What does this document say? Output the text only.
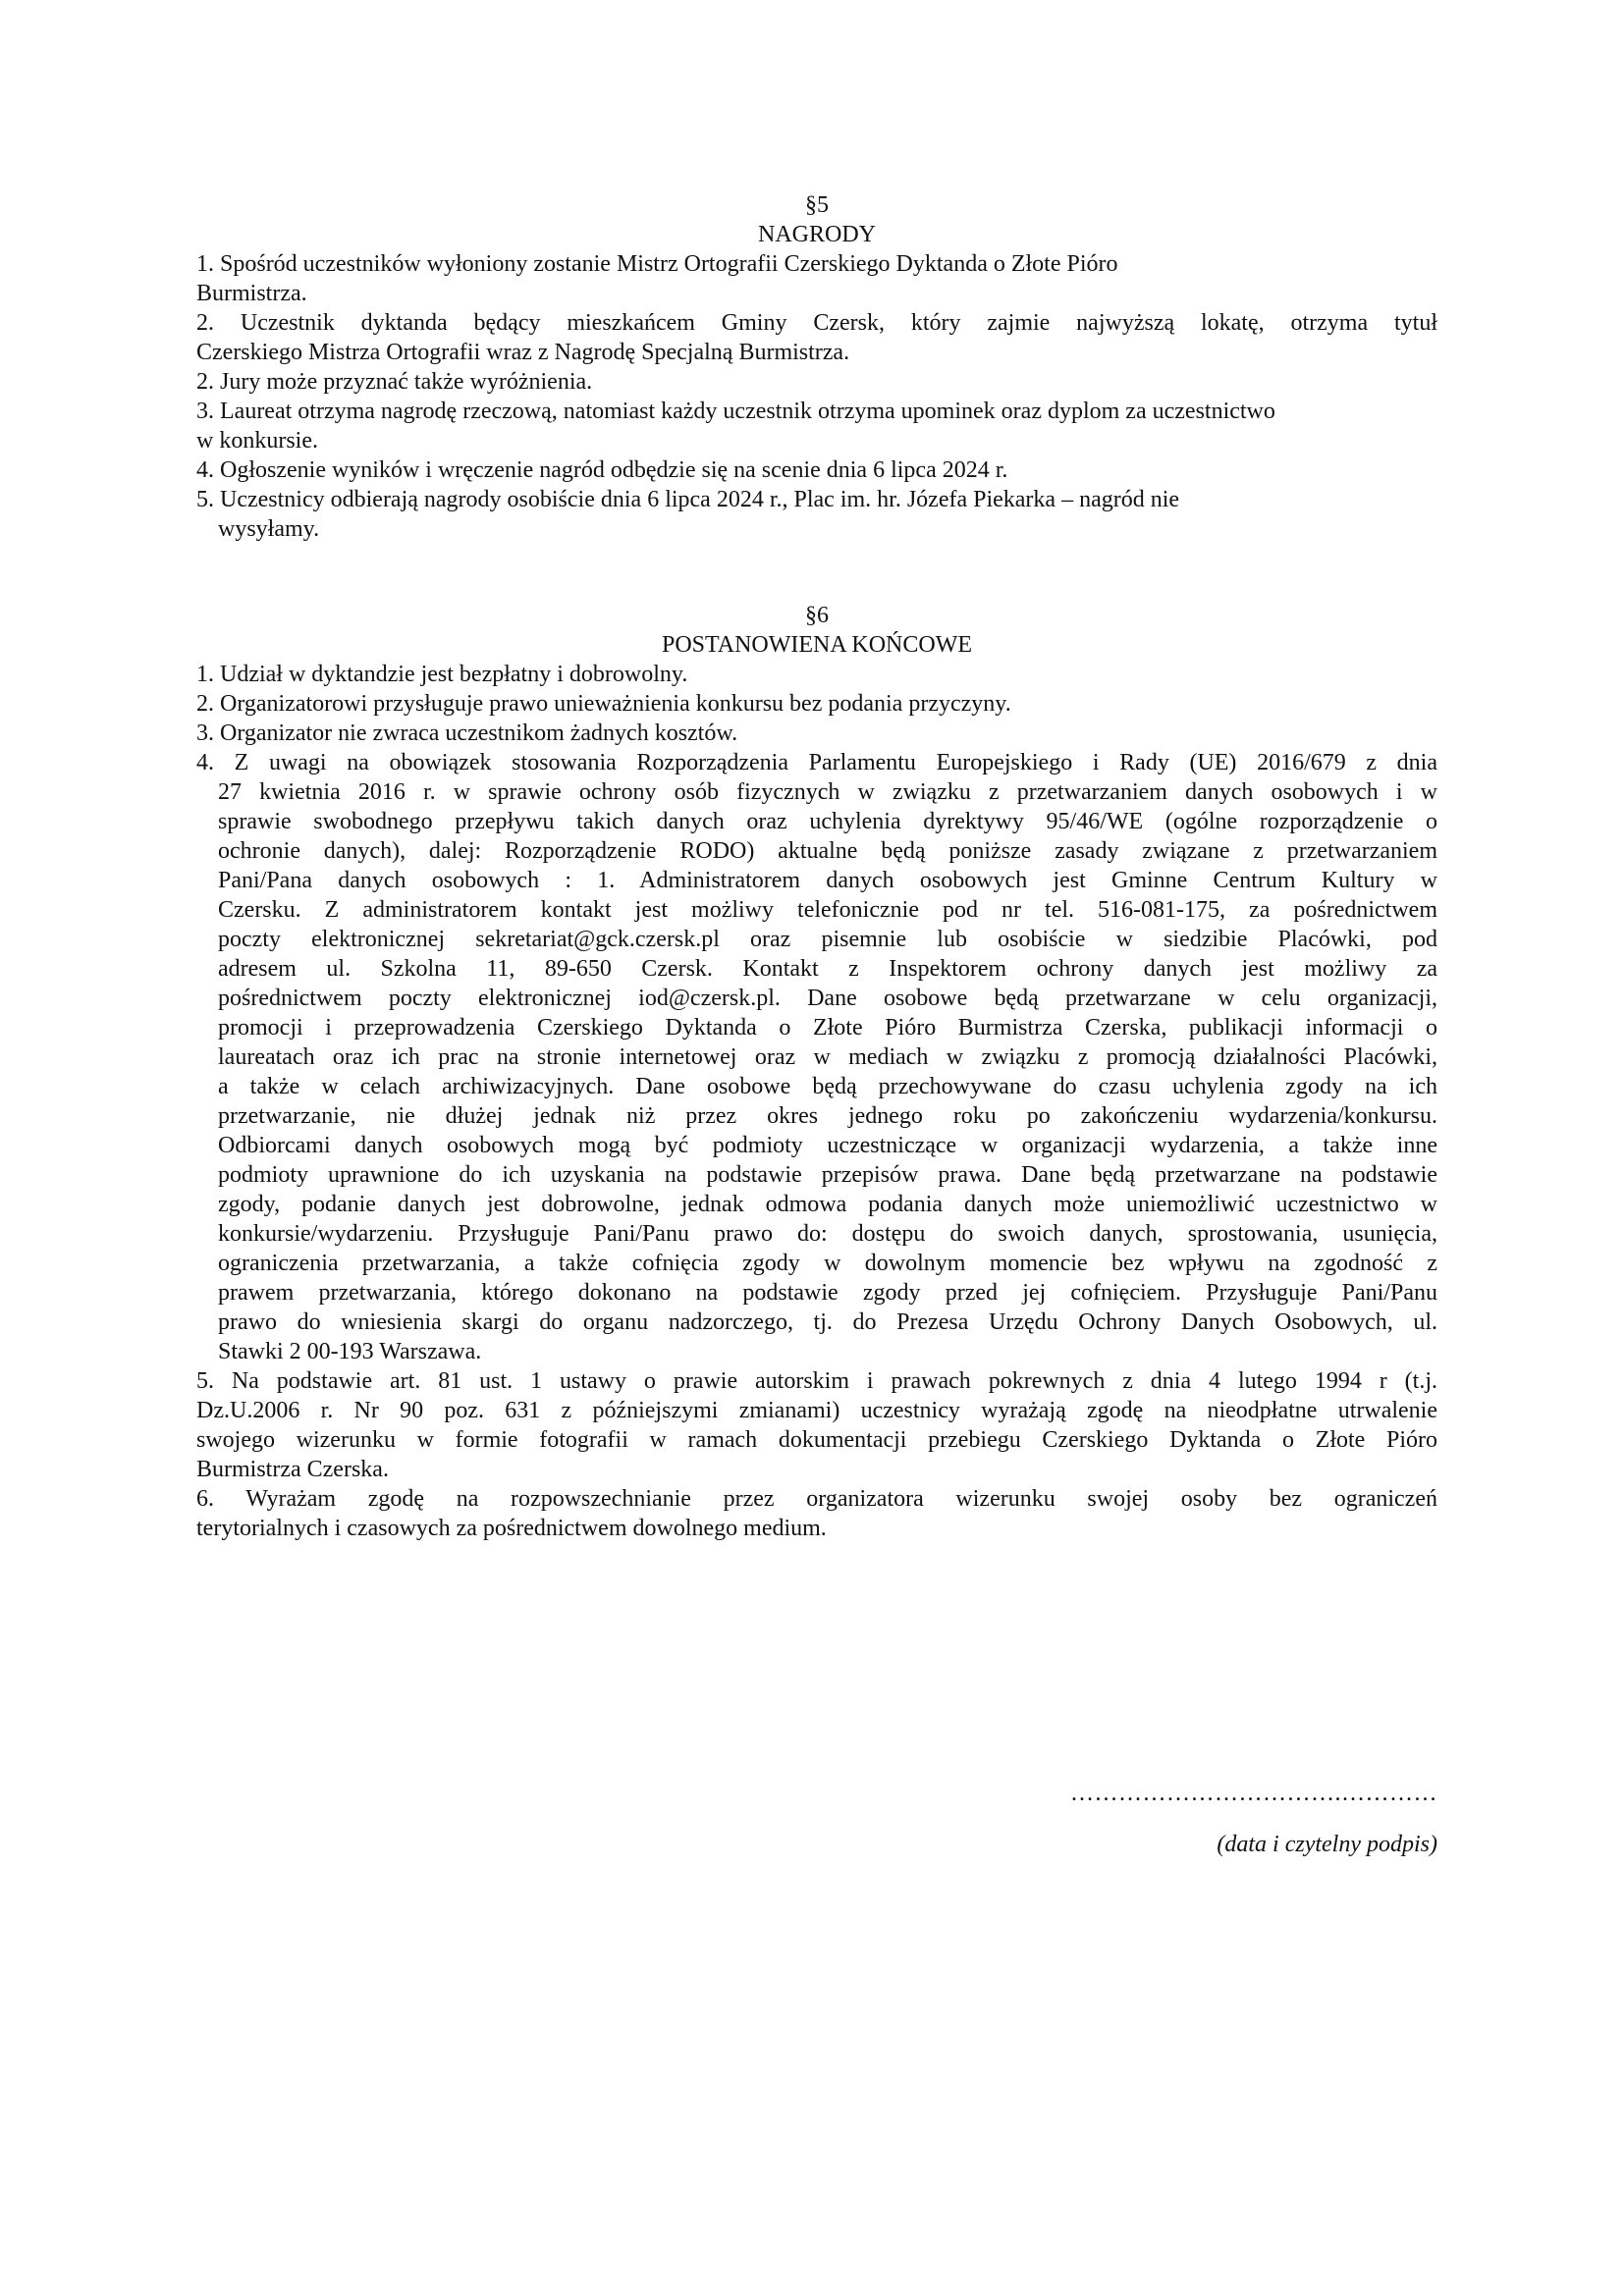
§5
NAGRODY
1. Spośród uczestników wyłoniony zostanie Mistrz Ortografii Czerskiego Dyktanda o Złote Pióro
Burmistrza.
2. Uczestnik dyktanda będący mieszkańcem Gminy Czersk, który zajmie najwyższą lokatę, otrzyma tytuł
Czerskiego Mistrza Ortografii wraz z Nagrodę Specjalną Burmistrza.
2. Jury może przyznać także wyróżnienia.
3. Laureat otrzyma nagrodę rzeczową, natomiast każdy uczestnik otrzyma upominek oraz dyplom za uczestnictwo
w konkursie.
4. Ogłoszenie wyników i wręczenie nagród odbędzie się na scenie dnia 6 lipca 2024 r.
5. Uczestnicy odbierają nagrody osobiście dnia 6 lipca 2024 r., Plac im. hr. Józefa Piekarka – nagród nie
wysyłamy.
§6
POSTANOWIENA KOŃCOWE
1. Udział w dyktandzie jest bezpłatny i dobrowolny.
2. Organizatorowi przysługuje prawo unieważnienia konkursu bez podania przyczyny.
3. Organizator nie zwraca uczestnikom żadnych kosztów.
4. Z uwagi na obowiązek stosowania Rozporządzenia Parlamentu Europejskiego i Rady (UE) 2016/679 z dnia
27 kwietnia 2016 r. w sprawie ochrony osób fizycznych w związku z przetwarzaniem danych osobowych i w
sprawie swobodnego przepływu takich danych oraz uchylenia dyrektywy 95/46/WE (ogólne rozporządzenie o
ochronie danych), dalej: Rozporządzenie RODO) aktualne będą poniższe zasady związane z przetwarzaniem
Pani/Pana danych osobowych : 1. Administratorem danych osobowych jest Gminne Centrum Kultury w
Czersku. Z administratorem kontakt jest możliwy telefonicznie pod nr tel. 516-081-175, za pośrednictwem
poczty elektronicznej sekretariat@gck.czersk.pl oraz pisemnie lub osobiście w siedzibie Placówki, pod
adresem ul. Szkolna 11, 89-650 Czersk. Kontakt z Inspektorem ochrony danych jest możliwy za
pośrednictwem poczty elektronicznej iod@czersk.pl. Dane osobowe będą przetwarzane w celu organizacji,
promocji i przeprowadzenia Czerskiego Dyktanda o Złote Pióro Burmistrza Czerska, publikacji informacji o
laureatach oraz ich prac na stronie internetowej oraz w mediach w związku z promocją działalności Placówki,
a także w celach archiwizacyjnych. Dane osobowe będą przechowywane do czasu uchylenia zgody na ich
przetwarzanie, nie dłużej jednak niż przez okres jednego roku po zakończeniu wydarzenia/konkursu.
Odbiorcami danych osobowych mogą być podmioty uczestniczące w organizacji wydarzenia, a także inne
podmioty uprawnione do ich uzyskania na podstawie przepisów prawa. Dane będą przetwarzane na podstawie
zgody, podanie danych jest dobrowolne, jednak odmowa podania danych może uniemożliwić uczestnictwo w
konkursie/wydarzeniu. Przysługuje Pani/Panu prawo do: dostępu do swoich danych, sprostowania, usunięcia,
ograniczenia przetwarzania, a także cofnięcia zgody w dowolnym momencie bez wpływu na zgodność z
prawem przetwarzania, którego dokonano na podstawie zgody przed jej cofnięciem. Przysługuje Pani/Panu
prawo do wniesienia skargi do organu nadzorczego, tj. do Prezesa Urzędu Ochrony Danych Osobowych, ul.
Stawki 2 00-193 Warszawa.
5. Na podstawie art. 81 ust. 1 ustawy o prawie autorskim i prawach pokrewnych z dnia 4 lutego 1994 r (t.j.
Dz.U.2006 r. Nr 90 poz. 631 z późniejszymi zmianami) uczestnicy wyrażają zgodę na nieodpłatne utrwalenie
swojego wizerunku w formie fotografii w ramach dokumentacji przebiegu Czerskiego Dyktanda o Złote Pióro
Burmistrza Czerska.
6. Wyrażam zgodę na rozpowszechnianie przez organizatora wizerunku swojej osoby bez ograniczeń
terytorialnych i czasowych za pośrednictwem dowolnego medium.
…………………………….…………
(data i czytelny podpis)
